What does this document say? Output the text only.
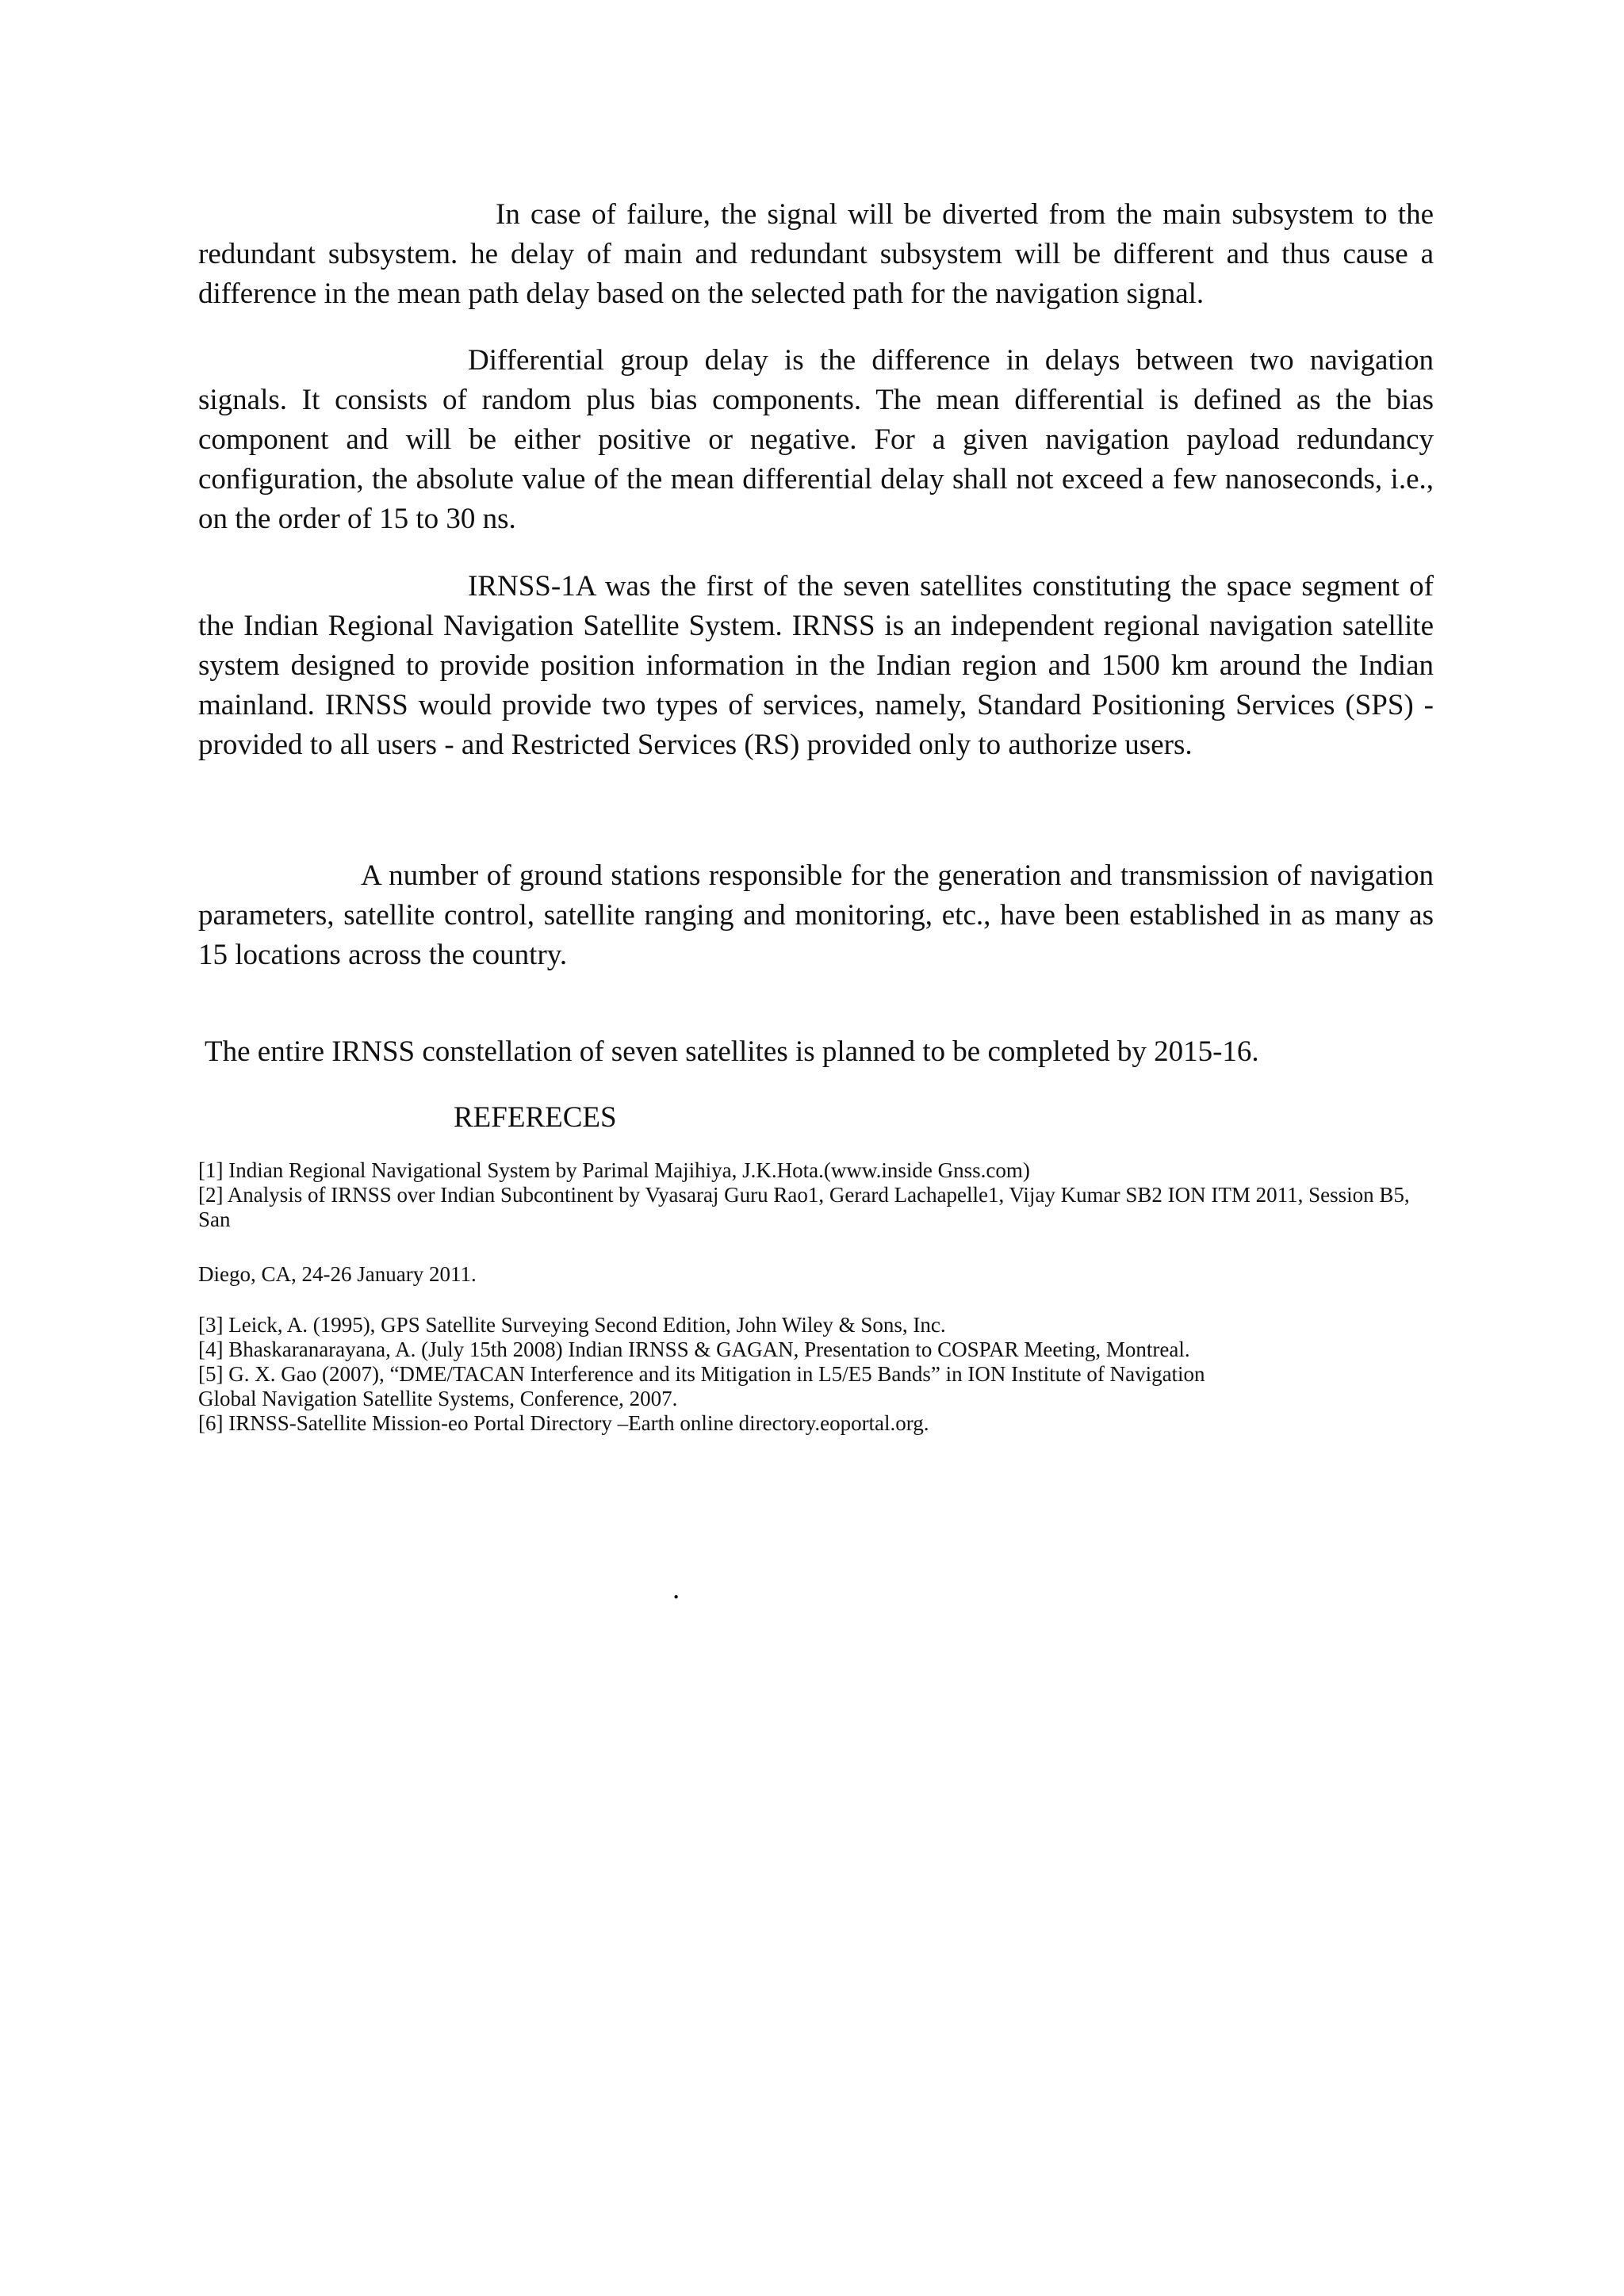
In case of failure, the signal will be diverted from the main subsystem to the redundant subsystem. he delay of main and redundant subsystem will be different and thus cause a difference in the mean path delay based on the selected path for the navigation signal.

Differential group delay is the difference in delays between two navigation signals. It consists of random plus bias components. The mean differential is defined as the bias component and will be either positive or negative. For a given navigation payload redundancy configuration, the absolute value of the mean differential delay shall not exceed a few nanoseconds, i.e., on the order of 15 to 30 ns.

IRNSS-1A was the first of the seven satellites constituting the space segment of the Indian Regional Navigation Satellite System. IRNSS is an independent regional navigation satellite system designed to provide position information in the Indian region and 1500 km around the Indian mainland. IRNSS would provide two types of services, namely, Standard Positioning Services (SPS) - provided to all users - and Restricted Services (RS) provided only to authorize users.

A number of ground stations responsible for the generation and transmission of navigation parameters, satellite control, satellite ranging and monitoring, etc., have been established in as many as 15 locations across the country.

The entire IRNSS constellation of seven satellites is planned to be completed by 2015-16.

REFERECES

[1] Indian Regional Navigational System by Parimal Majihiya, J.K.Hota.(www.inside Gnss.com)

[2] Analysis of IRNSS over Indian Subcontinent by Vyasaraj Guru Rao1, Gerard Lachapelle1, Vijay Kumar SB2 ION ITM 2011, Session B5, San

Diego, CA, 24-26 January 2011.

[3] Leick, A. (1995), GPS Satellite Surveying Second Edition, John Wiley & Sons, Inc.

[4] Bhaskaranarayana, A. (July 15th 2008) Indian IRNSS & GAGAN, Presentation to COSPAR Meeting, Montreal.

[5] G. X. Gao (2007), “DME/TACAN Interference and its Mitigation in L5/E5 Bands” in ION Institute of Navigation

Global Navigation Satellite Systems, Conference, 2007.

[6] IRNSS-Satellite Mission-eo Portal Directory –Earth online directory.eoportal.org.

.
